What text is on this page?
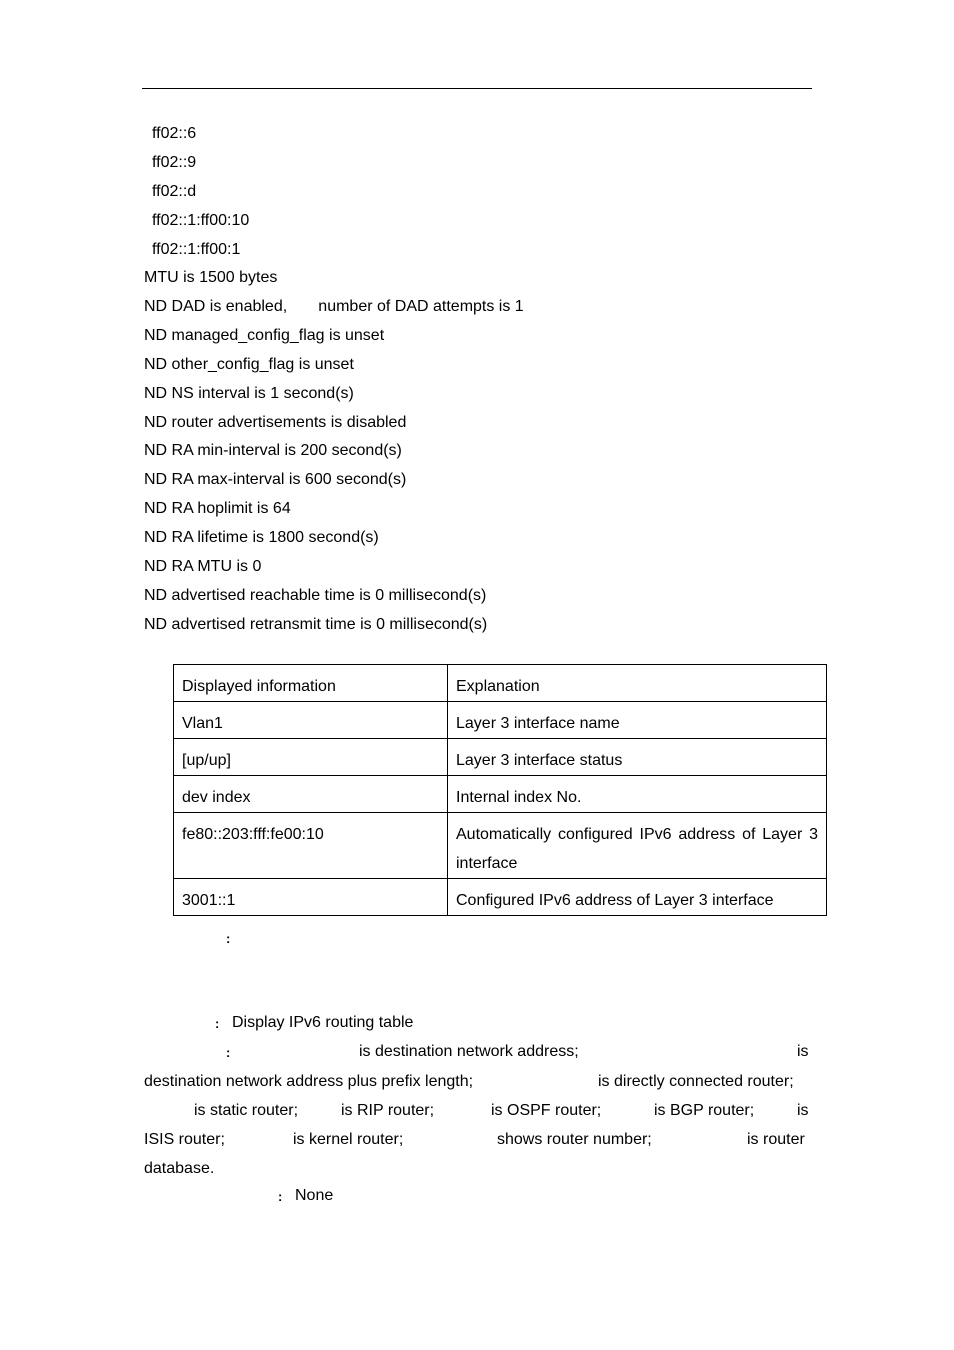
ff02::6
ff02::9
ff02::d
ff02::1:ff00:10
ff02::1:ff00:1
MTU is 1500 bytes
ND DAD is enabled,       number of DAD attempts is 1
ND managed_config_flag is unset
ND other_config_flag is unset
ND NS interval is 1 second(s)
ND router advertisements is disabled
ND RA min-interval is 200 second(s)
ND RA max-interval is 600 second(s)
ND RA hoplimit is 64
ND RA lifetime is 1800 second(s)
ND RA MTU is 0
ND advertised reachable time is 0 millisecond(s)
ND advertised retransmit time is 0 millisecond(s)
Displayed information	Explanation
Vlan1	Layer 3 interface name
[up/up]	Layer 3 interface status
dev index	Internal index No.
fe80::203:fff:fe00:10	Automatically configured IPv6 address of Layer 3 interface
3001::1	Configured IPv6 address of Layer 3 interface
:
: Display IPv6 routing table
:	is destination network address;	is
destination network address plus prefix length;	is directly connected router;
is static router;	is RIP router;	is OSPF router;	is BGP router;	is
ISIS router;	is kernel router;	shows router number;	is router
database.
: None
